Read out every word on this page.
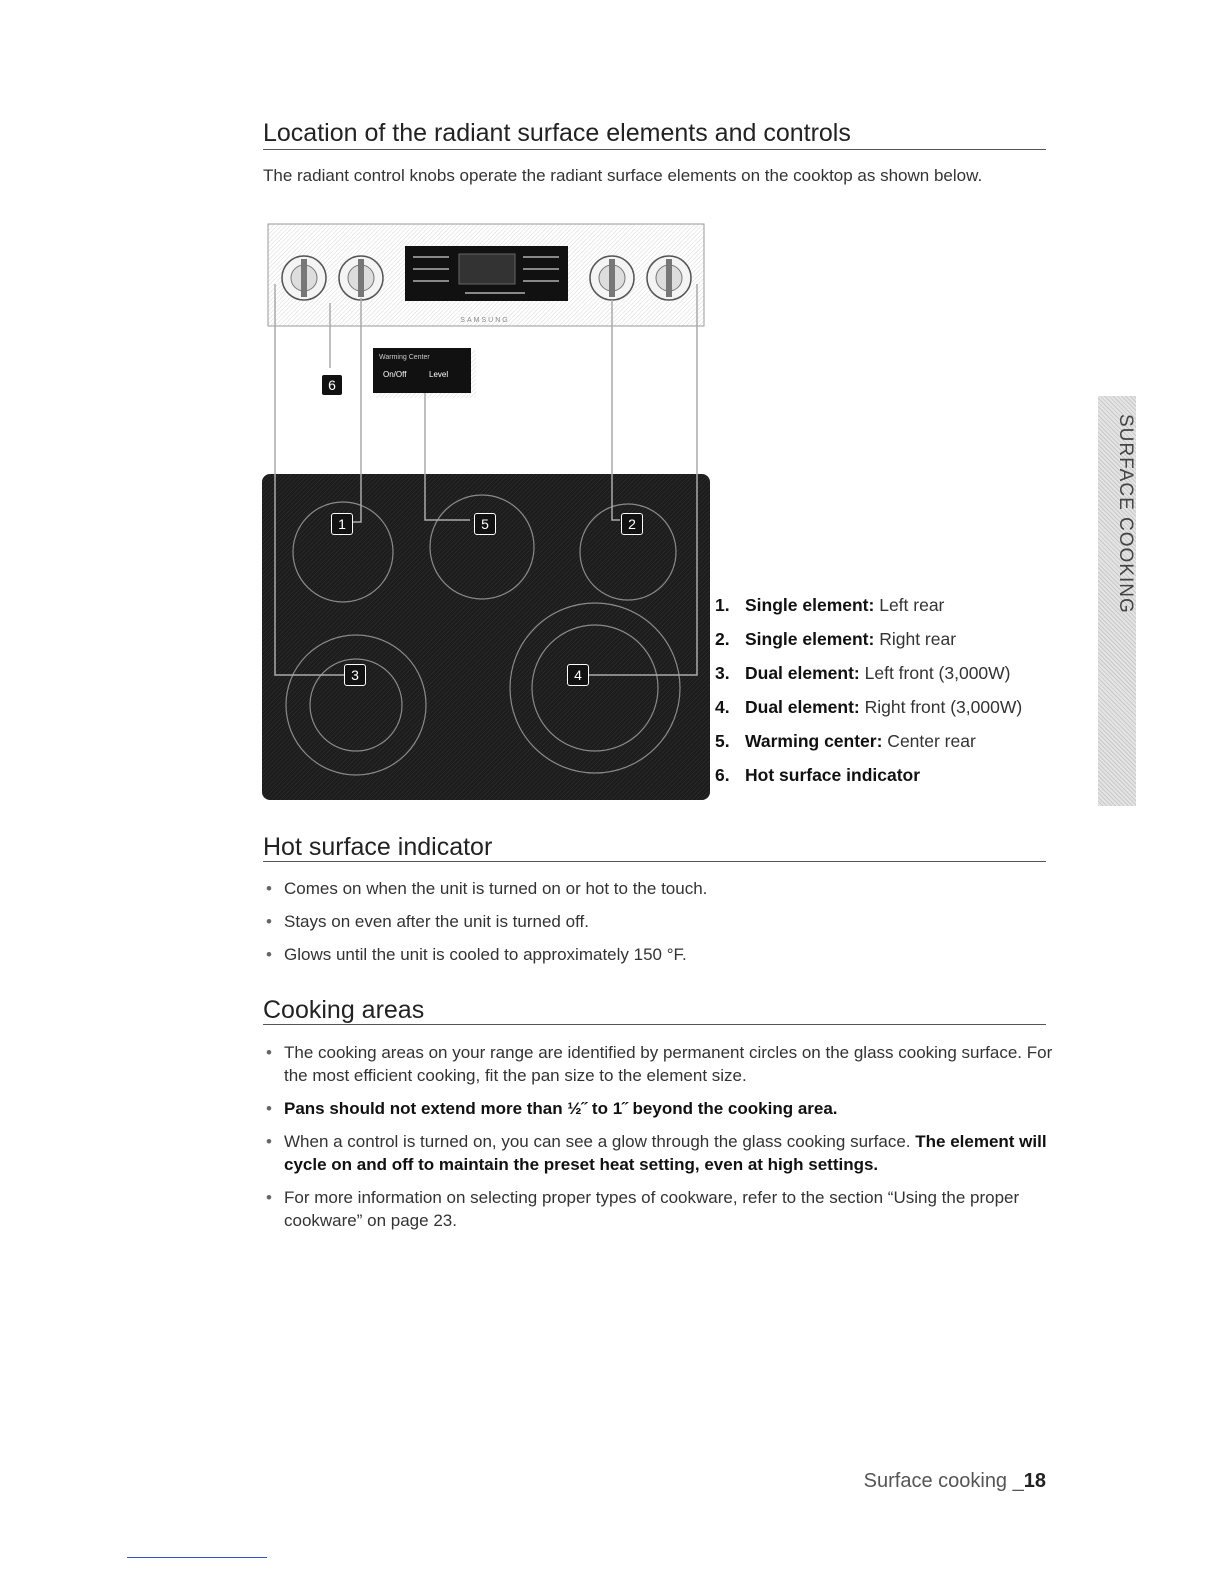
Location of the radiant surface elements and controls
The radiant control knobs operate the radiant surface elements on the cooktop as shown below.
SAMSUNG
Warming Center
On/Off	Level
1	2
3	4
5
6
1. Single element: Left rear
2. Single element: Right rear
3. Dual element: Left front (3,000W)
4. Dual element: Right front (3,000W)
5. Warming center: Center rear
6. Hot surface indicator
SURFACE COOKING
Hot surface indicator
• Comes on when the unit is turned on or hot to the touch.
• Stays on even after the unit is turned off.
• Glows until the unit is cooled to approximately 150 °F.
Cooking areas
• The cooking areas on your range are identified by permanent circles on the glass cooking surface. For the most efficient cooking, fit the pan size to the element size.
• Pans should not extend more than ½˝ to 1˝ beyond the cooking area.
• When a control is turned on, you can see a glow through the glass cooking surface. The element will cycle on and off to maintain the preset heat setting, even at high settings.
• For more information on selecting proper types of cookware, refer to the section “Using the proper cookware” on page 23.
Surface cooking _18
